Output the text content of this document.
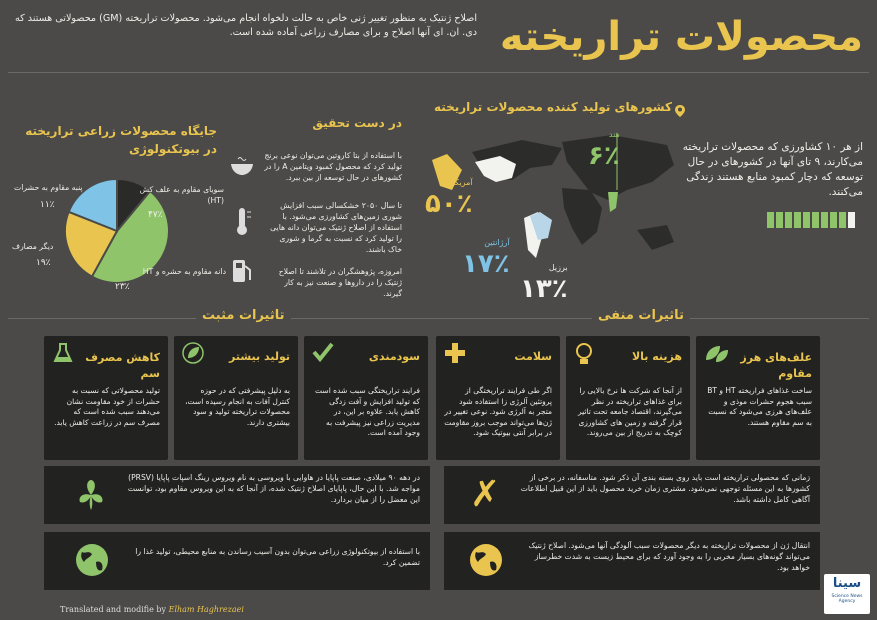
محصولات تراریخته
اصلاح ژنتیک به منظور تغییر ژنی خاص به حالت دلخواه انجام می‌شود. محصولات تراریخته (GM) محصولاتی هستند که دی. ان. ای آنها اصلاح و برای مصارف زراعی آماده شده است.
کشورهای تولید کننده محصولات تراریخته
هند
۶٪
آمریکا
۵۰٪
آرژانتین
۱۷٪	برزیل
۱۳٪
از هر ۱۰ کشاورزی که محصولات تراریخته می‌کارند، ۹ تای آنها در کشورهای در حال توسعه که دچار کمبود منابع هستند زندگی می‌کنند.
در دست تحقیق
با استفاده از بتا کاروتین می‌توان نوعی برنج تولید کرد که محصول کمبود ویتامین A را در کشورهای در حال توسعه از بین ببرد.
تا سال ۲۰۵۰ خشکسالی سبب افزایش شوری زمین‌های کشاورزی می‌شود. با استفاده از اصلاح ژنتیک می‌توان دانه هایی را تولید کرد که نسبت به گرما و شوری خاک باشند.
امروزه، پژوهشگران در تلاشند تا اصلاح ژنتیک را در داروها و صنعت نیز به کار گیرند.
جایگاه محصولات زراعی تراریخته در بیوتکنولوژی
سویای مقاوم به علف کش (HT)
۴۷٪
دانه مقاوم به حشره و HT
۲۳٪
دیگر مصارف
۱۹٪
پنبه مقاوم به حشرات
۱۱٪
تاثیرات مثبت	تاثیرات منفی
سودمندی
فرایند تراریختگی سبب شده است که تولید افزایش و آفت زدگی کاهش یابد. علاوه بر این، در مدیریت زراعی نیز پیشرفت به وجود آمده است.
تولید بیشتر
به دلیل پیشرفتی که در حوزه کنترل آفات به انجام رسیده است، محصولات تراریخته تولید و سود بیشتری دارند.
کاهش مصرف سم
تولید محصولاتی که نسبت به حشرات از خود مقاومت نشان می‌دهند سبب شده است که مصرف سم در زراعت کاهش یابد.
علف‌های هرز مقاوم
ساخت غذاهای فراریخته HT و BT سبب هجوم حشرات موذی و علف‌های هرزی می‌شود که نسبت به سم مقاوم هستند.
هزینه بالا
از آنجا که شرکت ها نرخ بالایی را برای غذاهای تراریخته در نظر می‌گیرند، اقتصاد جامعه تحت تاثیر قرار گرفته و زمین های کشاورزی کوچک به تدریج از بین می‌روند.
سلامت
اگر طی فرایند تراریختگی از پروتئین آلرژی زا استفاده شود متجر به آلرژی شود. نوعی تغییر در ژن‌ها می‌تواند موجب بروز مقاومت در برابر آنتی بیوتیک شود.
در دهه ۹۰ میلادی، صنعت پاپایا در هاوایی با ویروسی به نام ویروس رینگ اسپات پاپایا (PRSV) مواجه شد. با این حال، پاپایای اصلاح ژنتیک شده، از آنجا که به این ویروس مقاوم بود، توانست این معضل را از میان بردارد. ✗	زمانی که محصولی تراریخته است باید روی بسته بندی آن ذکر شود. متاسفانه، در برخی از کشورها به این مسئله توجهی نمی‌شود. مشتری زمان خرید محصول باید از این قبیل اطلاعات آگاهی کامل داشته باشد.
با استفاده از بیوتکنولوژی زراعی می‌توان بدون آسیب رساندن به منابع محیطی، تولید غذا را تضمین کرد.
انتقال ژن از محصولات تراریخته به دیگر محصولات سبب آلودگی آنها می‌شود. اصلاح ژنتیک می‌تواند گونه‌های بسیار مخربی را به وجود آورد که برای محیط زیست به شدت خطرساز خواهد بود.
سینا
Science News Agency
Translated and modifie by Elham Haghrezaei
